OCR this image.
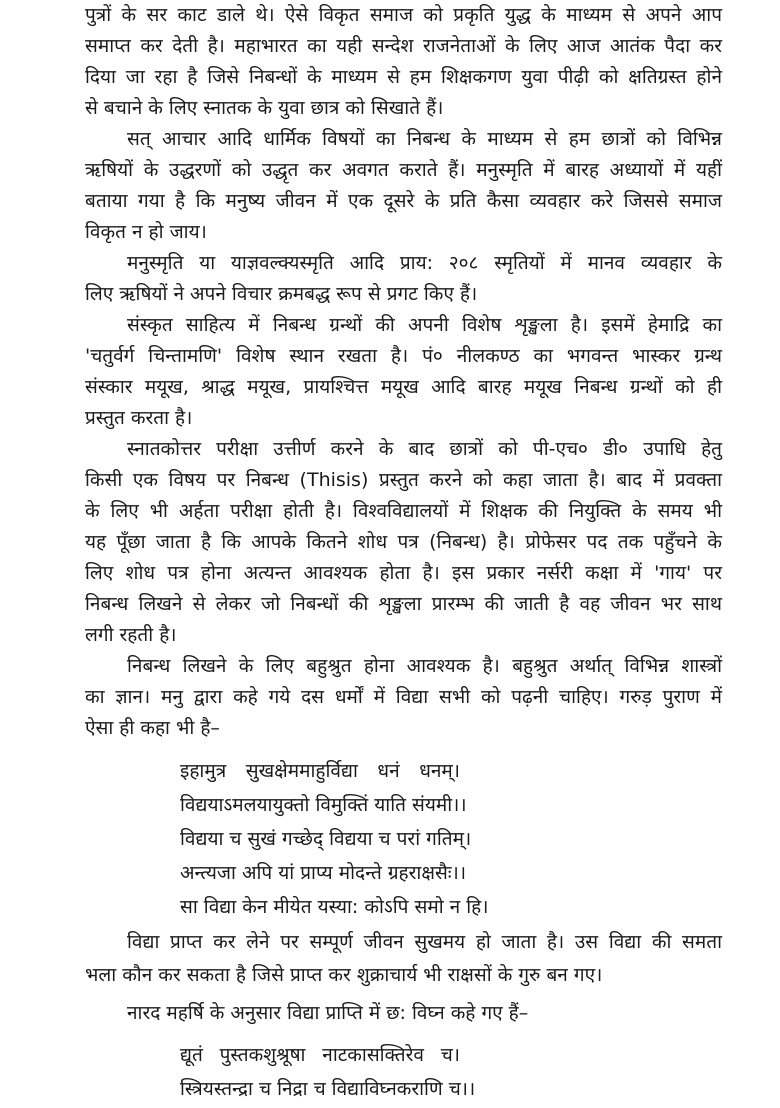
पुत्रों के सर काट डाले थे। ऐसे विकृत समाज को प्रकृति युद्ध के माध्यम से अपने आप
समाप्त कर देती है। महाभारत का यही सन्देश राजनेताओं के लिए आज आतंक पैदा कर
दिया जा रहा है जिसे निबन्धों के माध्यम से हम शिक्षकगण युवा पीढ़ी को क्षतिग्रस्त होने
से बचाने के लिए स्नातक के युवा छात्र को सिखाते हैं।
सत् आचार आदि धार्मिक विषयों का निबन्ध के माध्यम से हम छात्रों को विभिन्न
ऋषियों के उद्धरणों को उद्धृत कर अवगत कराते हैं। मनुस्मृति में बारह अध्यायों में यहीं
बताया गया है कि मनुष्य जीवन में एक दूसरे के प्रति कैसा व्यवहार करे जिससे समाज
विकृत न हो जाय।
मनुस्मृति या याज्ञवल्क्यस्मृति आदि प्राय: २०८ स्मृतियों में मानव व्यवहार के
लिए ऋषियों ने अपने विचार क्रमबद्ध रूप से प्रगट किए हैं।
संस्कृत साहित्य में निबन्ध ग्रन्थों की अपनी विशेष शृङ्खला है। इसमें हेमाद्रि का
'चतुर्वर्ग चिन्तामणि' विशेष स्थान रखता है। पं० नीलकण्ठ का भगवन्त भास्कर ग्रन्थ
संस्कार मयूख, श्राद्ध मयूख, प्रायश्चित्त मयूख आदि बारह मयूख निबन्ध ग्रन्थों को ही
प्रस्तुत करता है।
स्नातकोत्तर परीक्षा उत्तीर्ण करने के बाद छात्रों को पी-एच० डी० उपाधि हेतु
किसी एक विषय पर निबन्ध (Thisis) प्रस्तुत करने को कहा जाता है। बाद में प्रवक्ता
के लिए भी अर्हता परीक्षा होती है। विश्वविद्यालयों में शिक्षक की नियुक्ति के समय भी
यह पूँछा जाता है कि आपके कितने शोध पत्र (निबन्ध) है। प्रोफेसर पद तक पहुँचने के
लिए शोध पत्र होना अत्यन्त आवश्यक होता है। इस प्रकार नर्सरी कक्षा में 'गाय' पर
निबन्ध लिखने से लेकर जो निबन्धों की शृङ्खला प्रारम्भ की जाती है वह जीवन भर साथ
लगी रहती है।
निबन्ध लिखने के लिए बहुश्रुत होना आवश्यक है। बहुश्रुत अर्थात् विभिन्न शास्त्रों
का ज्ञान। मनु द्वारा कहे गये दस धर्मों में विद्या सभी को पढ़नी चाहिए। गरुड़ पुराण में
ऐसा ही कहा भी है–
इहामुत्र सुखक्षेममाहुर्विद्या धनं धनम्।
विद्ययाऽमलयायुक्तो विमुक्तिं याति संयमी।।
विद्यया च सुखं गच्छेद् विद्यया च परां गतिम्।
अन्त्यजा अपि यां प्राप्य मोदन्ते ग्रहराक्षसैः।।
सा विद्या केन मीयेत यस्या: कोऽपि समो न हि।
विद्या प्राप्त कर लेने पर सम्पूर्ण जीवन सुखमय हो जाता है। उस विद्या की समता
भला कौन कर सकता है जिसे प्राप्त कर शुक्राचार्य भी राक्षसों के गुरु बन गए।
नारद महर्षि के अनुसार विद्या प्राप्ति में छ: विघ्न कहे गए हैं–
द्यूतं पुस्तकशुश्रूषा नाटकासक्तिरेव च।
स्त्रियस्तन्द्रा च निद्रा च विद्याविघ्नकराणि च।।
